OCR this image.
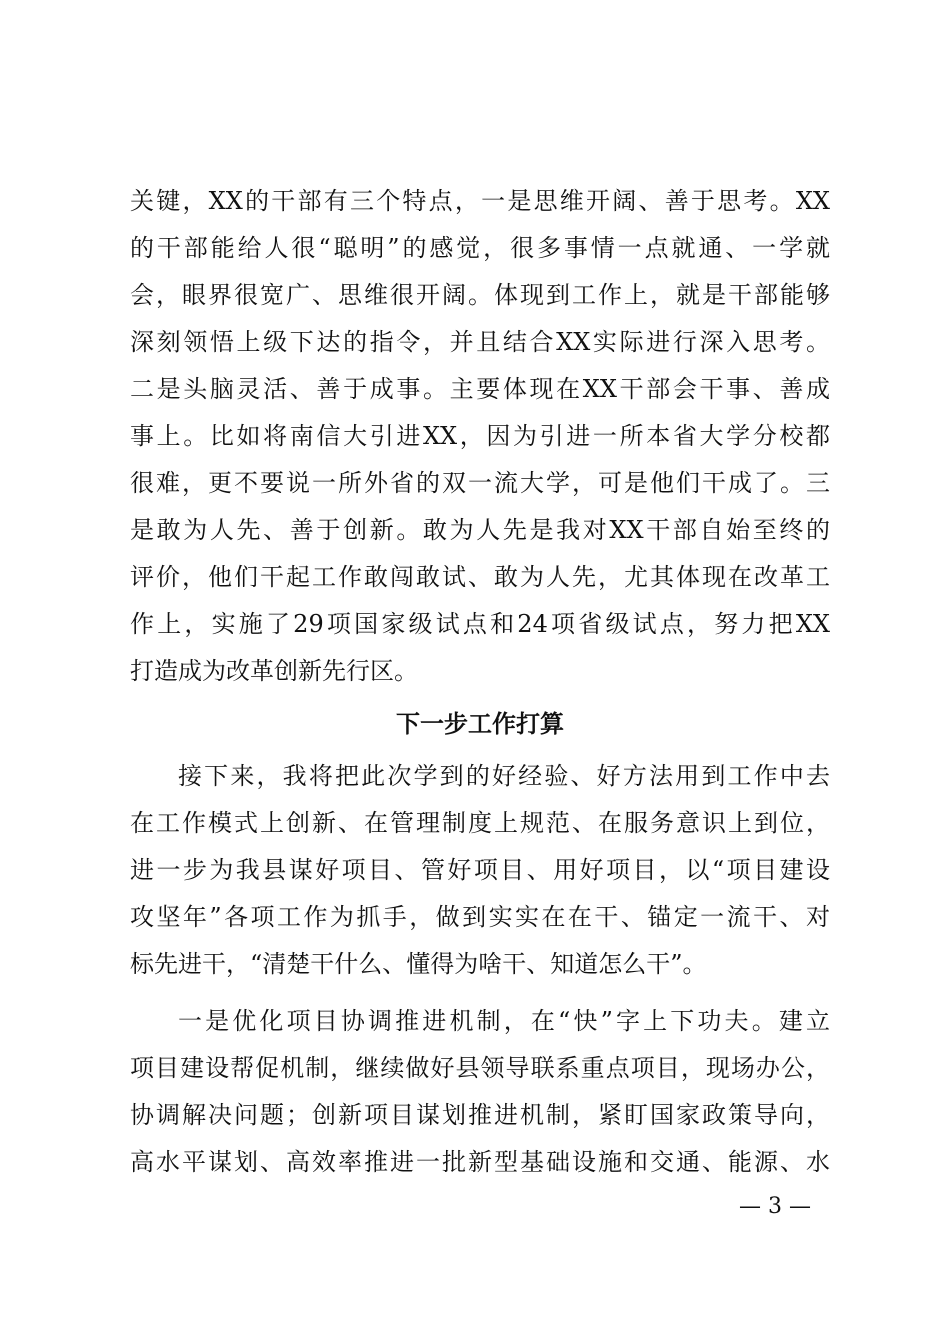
关键，XX的干部有三个特点，一是思维开阔、善于思考。XX
的干部能给人很“聪明”的感觉，很多事情一点就通、一学就
会，眼界很宽广、思维很开阔。体现到工作上，就是干部能够
深刻领悟上级下达的指令，并且结合XX实际进行深入思考。
二是头脑灵活、善于成事。主要体现在XX干部会干事、善成
事上。比如将南信大引进XX，因为引进一所本省大学分校都
很难，更不要说一所外省的双一流大学，可是他们干成了。三
是敢为人先、善于创新。敢为人先是我对XX干部自始至终的
评价，他们干起工作敢闯敢试、敢为人先，尤其体现在改革工
作上，实施了29项国家级试点和24项省级试点，努力把XX
打造成为改革创新先行区。
下一步工作打算
接下来，我将把此次学到的好经验、好方法用到工作中去
在工作模式上创新、在管理制度上规范、在服务意识上到位，
进一步为我县谋好项目、管好项目、用好项目，以“项目建设
攻坚年”各项工作为抓手，做到实实在在干、锚定一流干、对
标先进干，“清楚干什么、懂得为啥干、知道怎么干”。
一是优化项目协调推进机制，在“快”字上下功夫。建立
项目建设帮促机制，继续做好县领导联系重点项目，现场办公，
协调解决问题；创新项目谋划推进机制，紧盯国家政策导向，
高水平谋划、高效率推进一批新型基础设施和交通、能源、水
— 3 —
